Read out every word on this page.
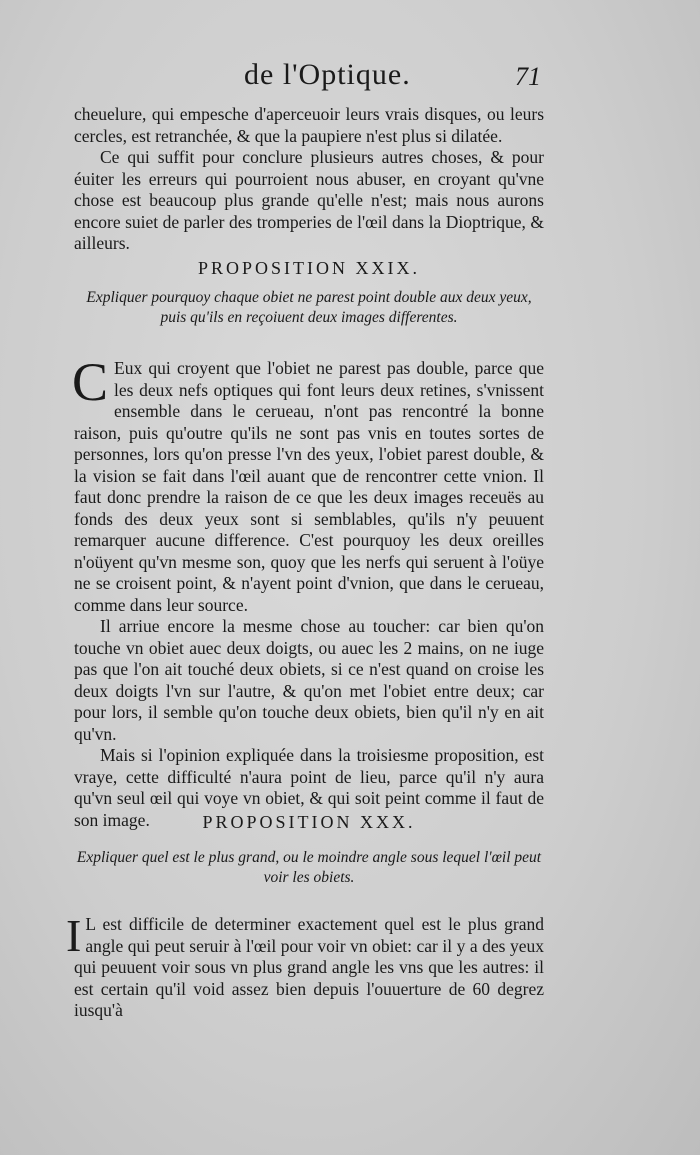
de l'Optique.	71

cheuelure, qui empesche d'aperceuoir leurs vrais disques, ou leurs cercles, est retranchée, & que la paupiere n'est plus si dilatée.

Ce qui suffit pour conclure plusieurs autres choses, & pour éuiter les erreurs qui pourroient nous abuser, en croyant qu'vne chose est beaucoup plus grande qu'elle n'est; mais nous aurons encore suiet de parler des tromperies de l'œil dans la Dioptrique, & ailleurs.

PROPOSITION XXIX.
Expliquer pourquoy chaque obiet ne parest point double aux deux yeux, puis qu'ils en reçoiuent deux images differentes.

C Eux qui croyent que l'obiet ne parest pas double, parce que les deux nefs optiques qui font leurs deux retines, s'vnissent ensemble dans le cerueau, n'ont pas rencontré la bonne raison, puis qu'outre qu'ils ne sont pas vnis en toutes sortes de personnes, lors qu'on presse l'vn des yeux, l'obiet parest double, & la vision se fait dans l'œil auant que de rencontrer cette vnion. Il faut donc prendre la raison de ce que les deux images receuës au fonds des deux yeux sont si semblables, qu'ils n'y peuuent remarquer aucune difference. C'est pourquoy les deux oreilles n'oüyent qu'vn mesme son, quoy que les nerfs qui seruent à l'oüye ne se croisent point, & n'ayent point d'vnion, que dans le cerueau, comme dans leur source.

Il arriue encore la mesme chose au toucher: car bien qu'on touche vn obiet auec deux doigts, ou auec les 2 mains, on ne iuge pas que l'on ait touché deux obiets, si ce n'est quand on croise les deux doigts l'vn sur l'autre, & qu'on met l'obiet entre deux; car pour lors, il semble qu'on touche deux obiets, bien qu'il n'y en ait qu'vn.

Mais si l'opinion expliquée dans la troisiesme proposition, est vraye, cette difficulté n'aura point de lieu, parce qu'il n'y aura qu'vn seul œil qui voye vn obiet, & qui soit peint comme il faut de son image.	PROPOSITION XXX.
Expliquer quel est le plus grand, ou le moindre angle sous lequel l'œil peut voir les obiets.

I L est difficile de determiner exactement quel est le plus grand angle qui peut seruir à l'œil pour voir vn obiet: car il y a des yeux qui peuuent voir sous vn plus grand angle les vns que les autres: il est certain qu'il void assez bien depuis l'ouuerture de 60 degrez iusqu'à
